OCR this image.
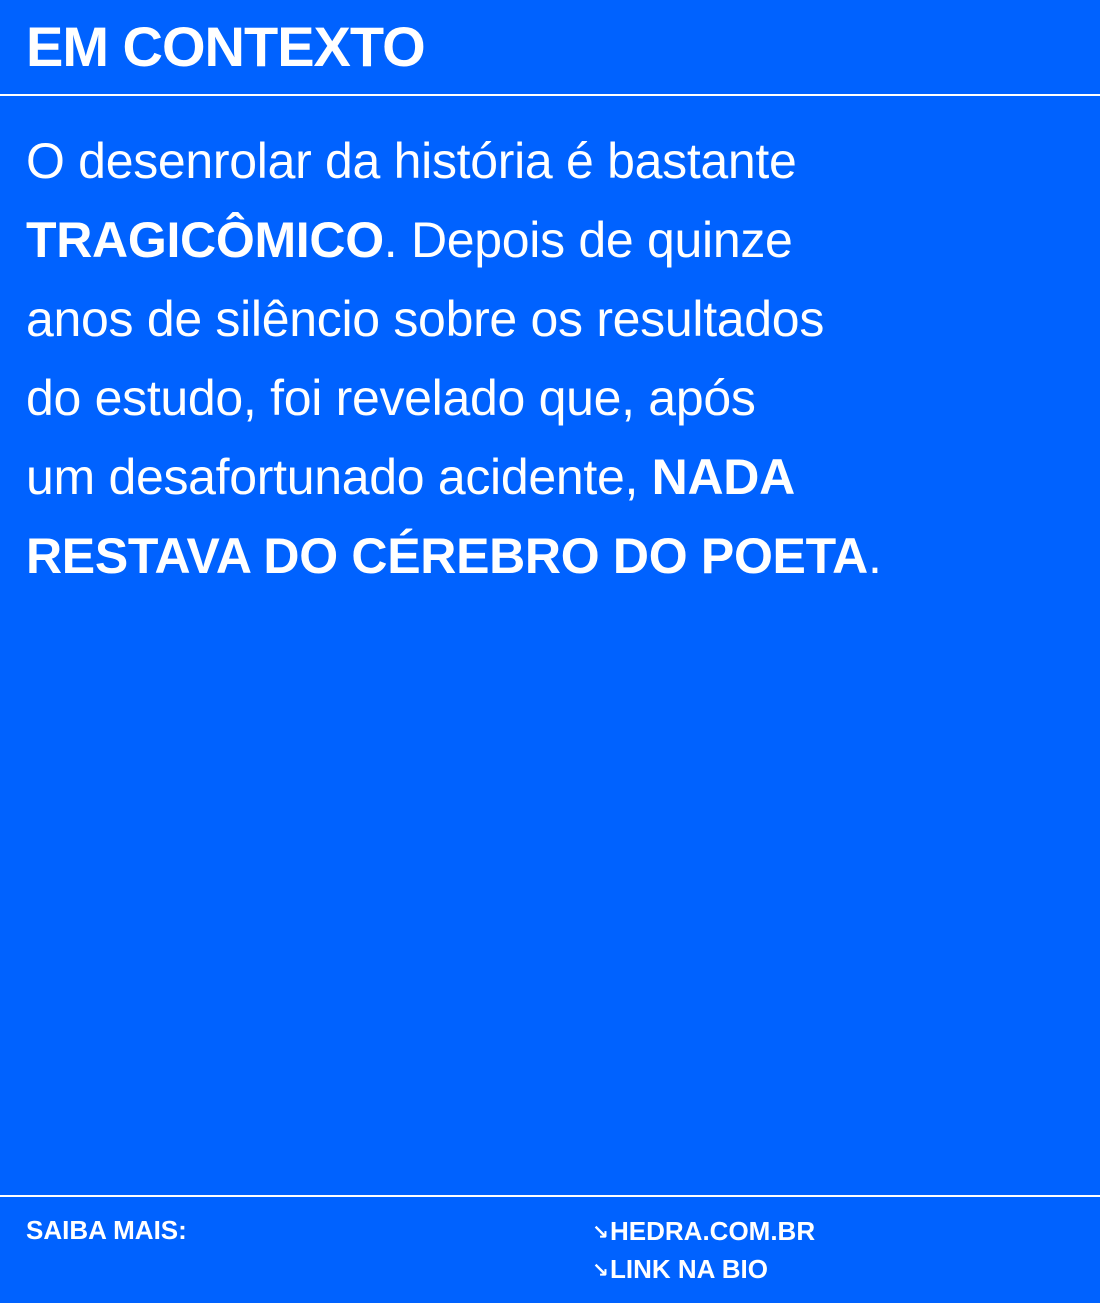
EM CONTEXTO

O desenrolar da história é bastante
TRAGICÔMICO. Depois de quinze
anos de silêncio sobre os resultados
do estudo, foi revelado que, após
um desafortunado acidente, NADA
RESTAVA DO CÉREBRO DO POETA.

SAIBA MAIS:	↘HEDRA.COM.BR
↘LINK NA BIO
